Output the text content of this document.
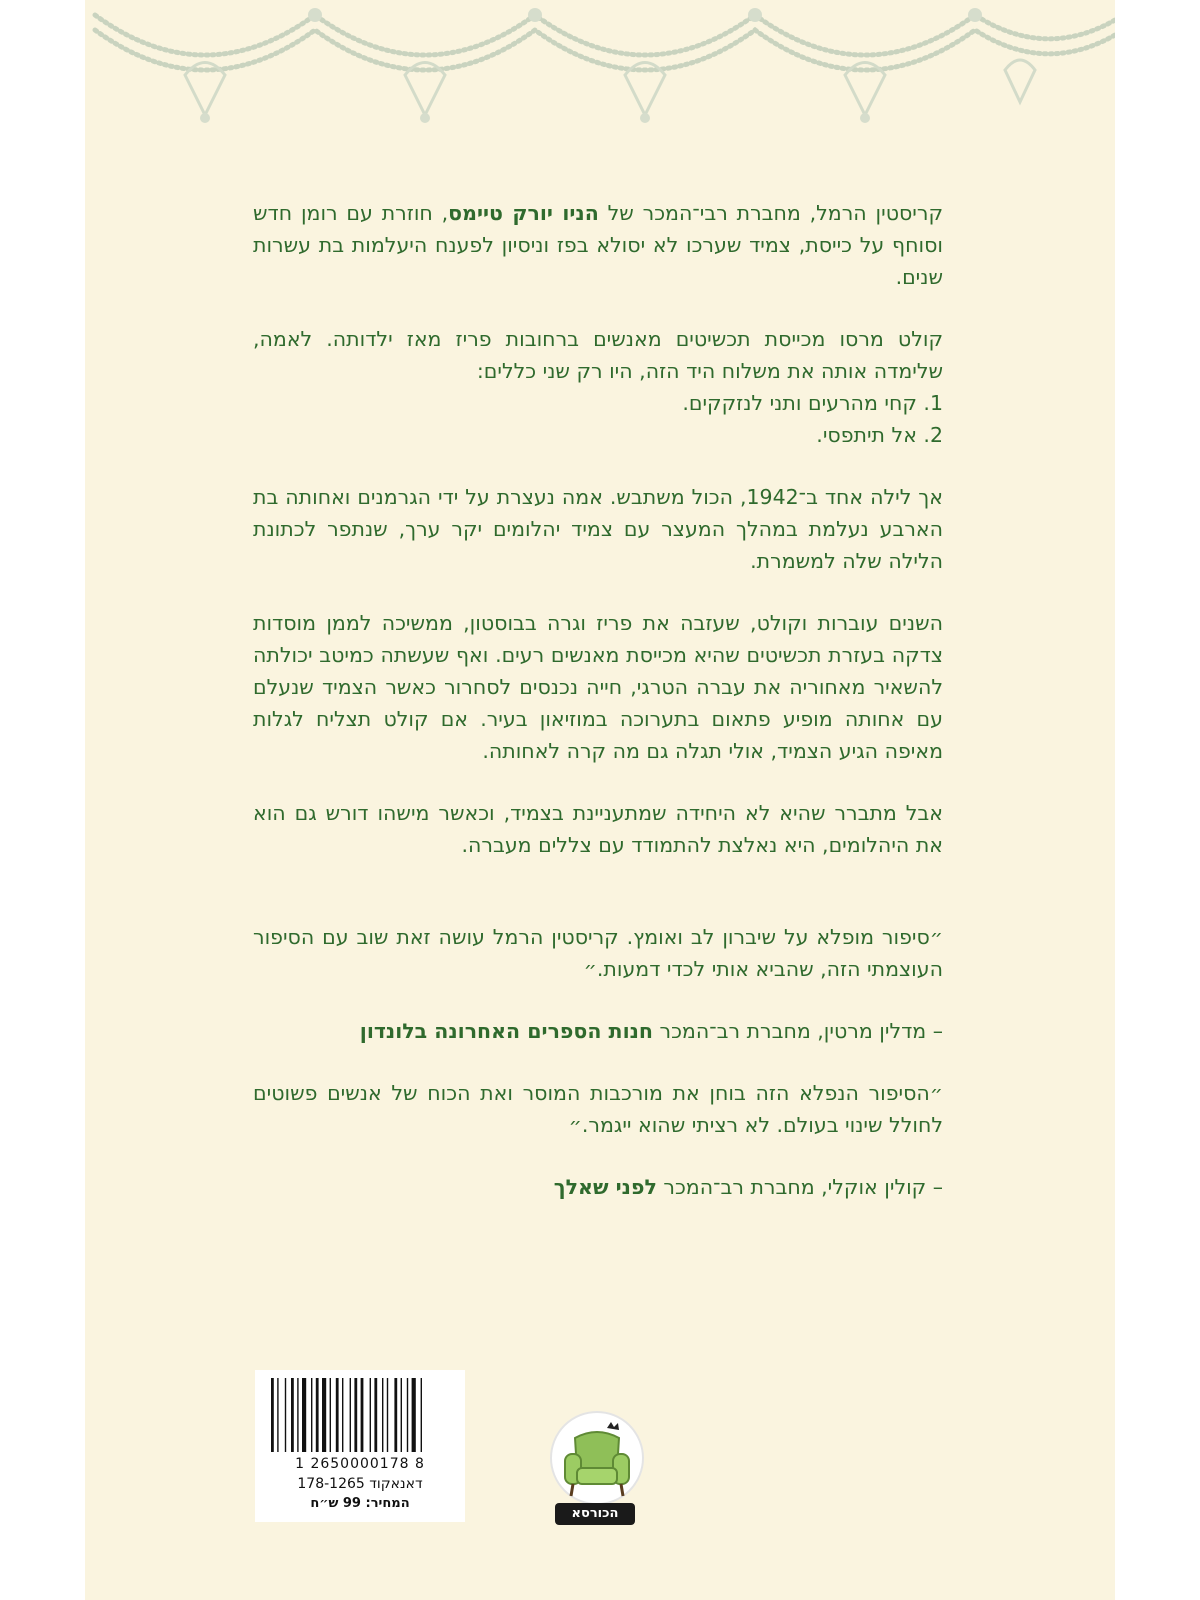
קריסטין הרמל, מחברת רבי־המכר של הניו יורק טיימס, חוזרת עם רומן חדש וסוחף על כייסת, צמיד שערכו לא יסולא בפז וניסיון לפענח היעלמות בת עשרות שנים.

קולט מרסו מכייסת תכשיטים מאנשים ברחובות פריז מאז ילדותה. לאמה, שלימדה אותה את משלוח היד הזה, היו רק שני כללים:

1. קחי מהרעים ותני לנזקקים.

2. אל תיתפסי.

אך לילה אחד ב־1942, הכול משתבש. אמה נעצרת על ידי הגרמנים ואחותה בת הארבע נעלמת במהלך המעצר עם צמיד יהלומים יקר ערך, שנתפר לכתונת הלילה שלה למשמרת.

השנים עוברות וקולט, שעזבה את פריז וגרה בבוסטון, ממשיכה לממן מוסדות צדקה בעזרת תכשיטים שהיא מכייסת מאנשים רעים. ואף שעשתה כמיטב יכולתה להשאיר מאחוריה את עברה הטרגי, חייה נכנסים לסחרור כאשר הצמיד שנעלם עם אחותה מופיע פתאום בתערוכה במוזיאון בעיר. אם קולט תצליח לגלות מאיפה הגיע הצמיד, אולי תגלה גם מה קרה לאחותה.

אבל מתברר שהיא לא היחידה שמתעניינת בצמיד, וכאשר מישהו דורש גם הוא את היהלומים, היא נאלצת להתמודד עם צללים מעברה.

״סיפור מופלא על שיברון לב ואומץ. קריסטין הרמל עושה זאת שוב עם הסיפור העוצמתי הזה, שהביא אותי לכדי דמעות.״

– מדלין מרטין, מחברת רב־המכר חנות הספרים האחרונה בלונדון

״הסיפור הנפלא הזה בוחן את מורכבות המוסר ואת הכוח של אנשים פשוטים לחולל שינוי בעולם. לא רציתי שהוא ייגמר.״

– קולין אוקלי, מחברת רב־המכר לפני שאלך

1 2650000178 8
דאנאקוד 178-1265
המחיר: 99 ש״ח
הכורסא
